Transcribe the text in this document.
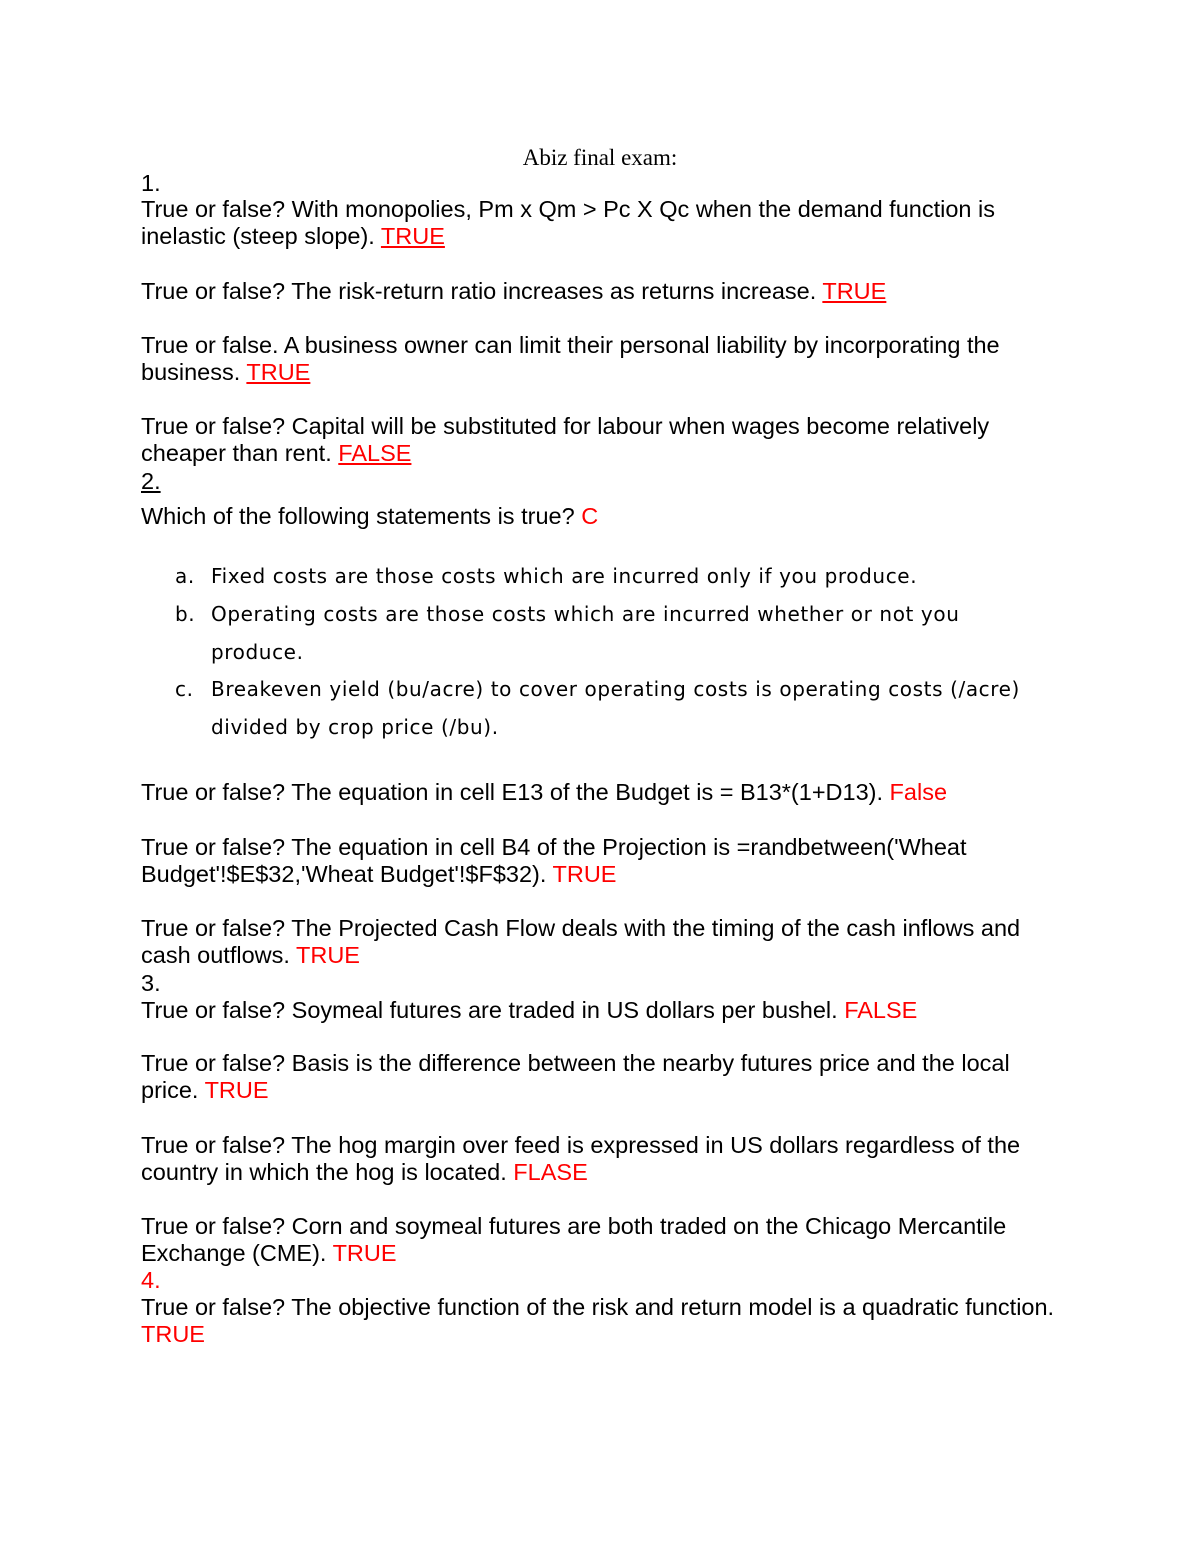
Abiz final exam:
1.
True or false? With monopolies, Pm x Qm > Pc X Qc when the demand function is
inelastic (steep slope). TRUE
True or false? The risk-return ratio increases as returns increase. TRUE
True or false. A business owner can limit their personal liability by incorporating the
business. TRUE
True or false? Capital will be substituted for labour when wages become relatively
cheaper than rent. FALSE
2.
Which of the following statements is true? C
a. Fixed costs are those costs which are incurred only if you produce.
b. Operating costs are those costs which are incurred whether or not you
produce.
c. Breakeven yield (bu/acre) to cover operating costs is operating costs (/acre)
divided by crop price (/bu).
True or false? The equation in cell E13 of the Budget is = B13*(1+D13). False
True or false? The equation in cell B4 of the Projection is =randbetween('Wheat
Budget'!$E$32,'Wheat Budget'!$F$32). TRUE
True or false? The Projected Cash Flow deals with the timing of the cash inflows and
cash outflows. TRUE
3.
True or false? Soymeal futures are traded in US dollars per bushel. FALSE
True or false? Basis is the difference between the nearby futures price and the local
price. TRUE
True or false? The hog margin over feed is expressed in US dollars regardless of the
country in which the hog is located. FLASE
True or false? Corn and soymeal futures are both traded on the Chicago Mercantile
Exchange (CME). TRUE
4.
True or false? The objective function of the risk and return model is a quadratic function.
TRUE
